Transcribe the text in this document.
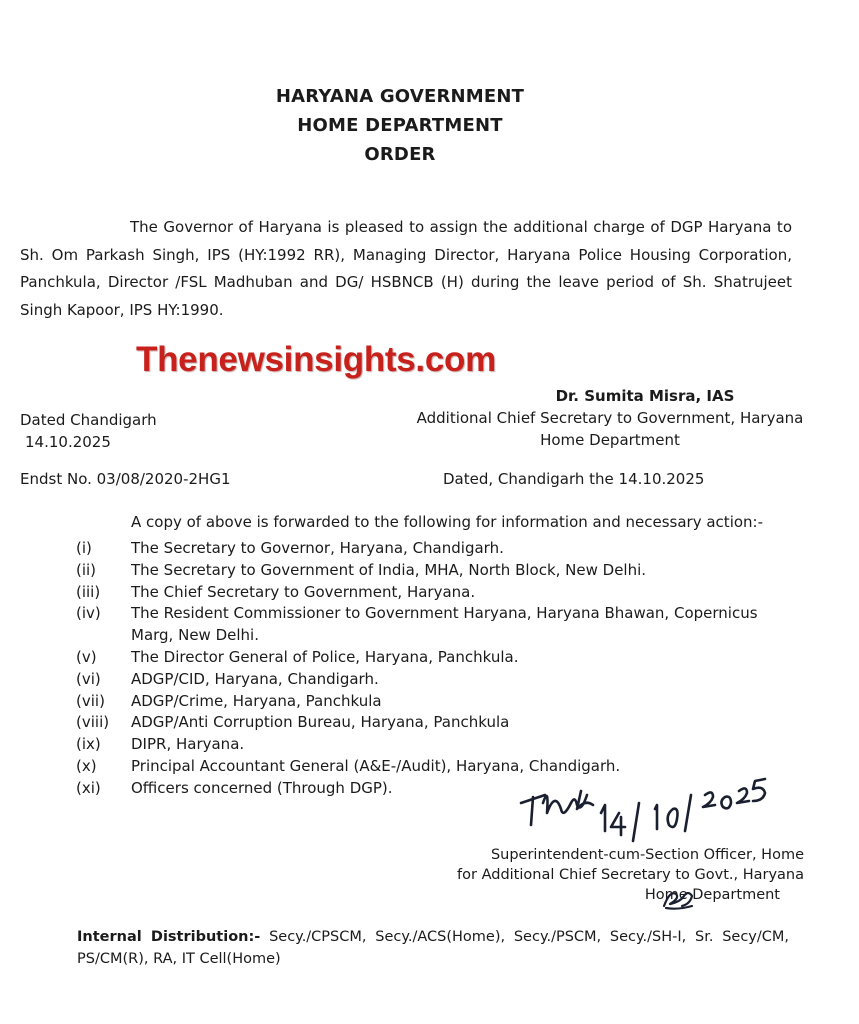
HARYANA GOVERNMENT
HOME DEPARTMENT
ORDER
The Governor of Haryana is pleased to assign the additional charge of DGP Haryana to Sh. Om Parkash Singh, IPS (HY:1992 RR), Managing Director, Haryana Police Housing Corporation, Panchkula, Director /FSL Madhuban and DG/ HSBNCB (H) during the leave period of Sh. Shatrujeet Singh Kapoor, IPS HY:1990.
Thenewsinsights.com
Dr. Sumita Misra, IAS
Additional Chief Secretary to Government, Haryana
Home Department
Dated Chandigarh
14.10.2025
Endst No. 03/08/2020-2HG1	Dated, Chandigarh the 14.10.2025
A copy of above is forwarded to the following for information and necessary action:-
(i)	The Secretary to Governor, Haryana, Chandigarh.
(ii)	The Secretary to Government of India, MHA, North Block, New Delhi.
(iii)	The Chief Secretary to Government, Haryana.
(iv)	The Resident Commissioner to Government Haryana, Haryana Bhawan, Copernicus Marg, New Delhi.
(v)	The Director General of Police, Haryana, Panchkula.
(vi)	ADGP/CID, Haryana, Chandigarh.
(vii)	ADGP/Crime, Haryana, Panchkula
(viii)	ADGP/Anti Corruption Bureau, Haryana, Panchkula
(ix)	DIPR, Haryana.
(x)	Principal Accountant General (A&E-/Audit), Haryana, Chandigarh.
(xi)	Officers concerned (Through DGP).
Superintendent-cum-Section Officer, Home
for Additional Chief Secretary to Govt., Haryana
Home Department
Internal Distribution:- Secy./CPSCM, Secy./ACS(Home), Secy./PSCM, Secy./SH-I, Sr. Secy/CM, PS/CM(R), RA, IT Cell(Home)
